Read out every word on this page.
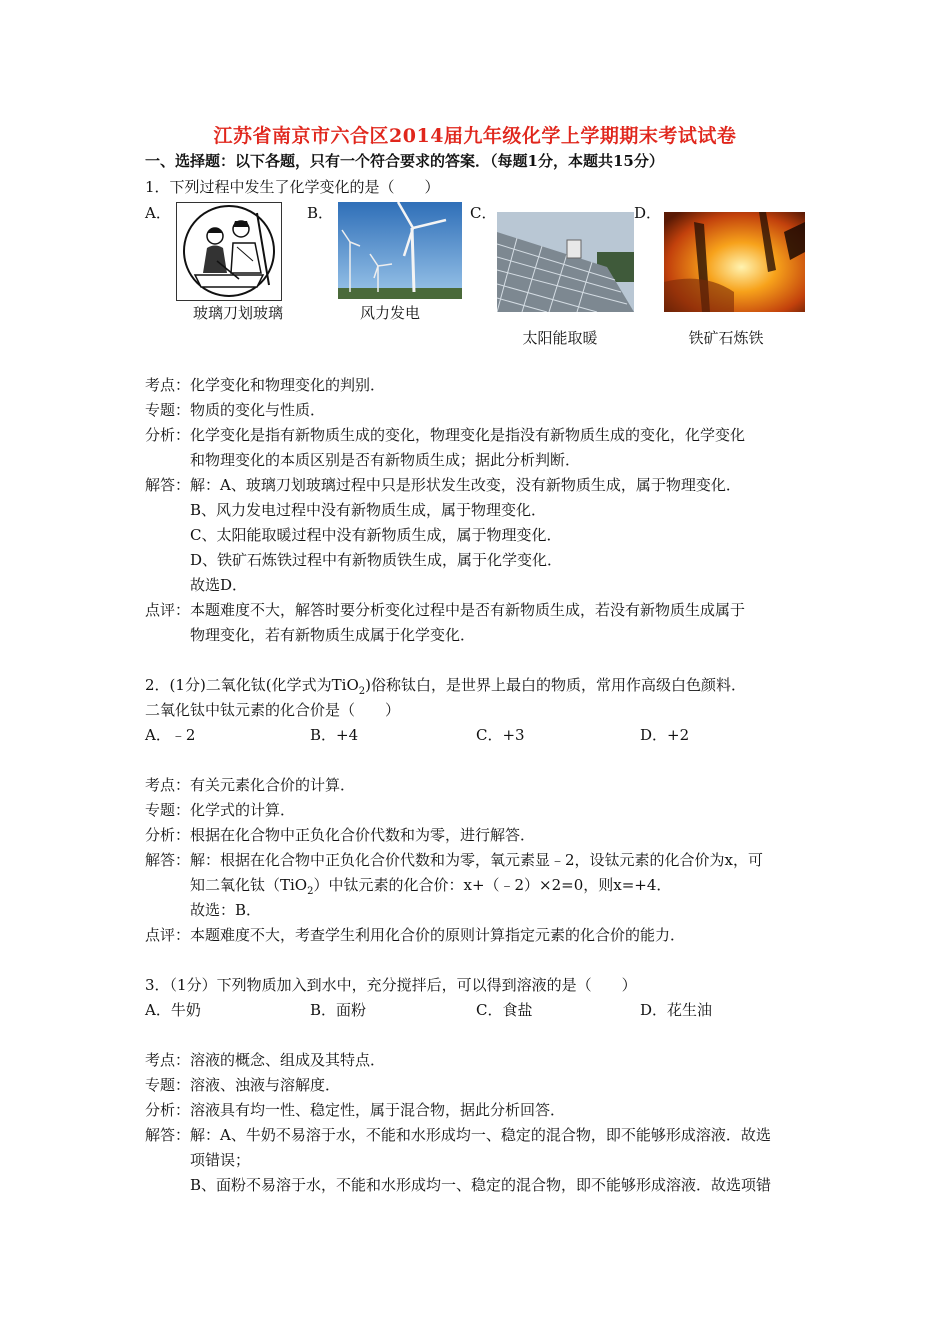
江苏省南京市六合区2014届九年级化学上学期期末考试试卷
一、选择题：以下各题，只有一个符合要求的答案．（每题1分，本题共15分）
1．下列过程中发生了化学变化的是（　　）
A．	B．	C．	D．
玻璃刀划玻璃	风力发电
太阳能取暖	铁矿石炼铁
考点：化学变化和物理变化的判别．
专题：物质的变化与性质．
分析：化学变化是指有新物质生成的变化，物理变化是指没有新物质生成的变化，化学变化
和物理变化的本质区别是否有新物质生成；据此分析判断．
解答：解：A、玻璃刀划玻璃过程中只是形状发生改变，没有新物质生成，属于物理变化．
B、风力发电过程中没有新物质生成，属于物理变化．
C、太阳能取暖过程中没有新物质生成，属于物理变化．
D、铁矿石炼铁过程中有新物质铁生成，属于化学变化．
故选D．
点评：本题难度不大，解答时要分析变化过程中是否有新物质生成，若没有新物质生成属于
物理变化，若有新物质生成属于化学变化．
2．(1分)二氧化钛(化学式为TiO$_2$)俗称钛白，是世界上最白的物质，常用作高级白色颜料．
二氧化钛中钛元素的化合价是（　　）
A．﹣2	B．+4	C．+3	D．+2
考点：有关元素化合价的计算．
专题：化学式的计算．
分析：根据在化合物中正负化合价代数和为零，进行解答．
解答：解：根据在化合物中正负化合价代数和为零，氧元素显﹣2，设钛元素的化合价为x，可
知二氧化钛（TiO$_2$）中钛元素的化合价：x+（﹣2）×2=0，则x=+4．
故选：B．
点评：本题难度不大，考查学生利用化合价的原则计算指定元素的化合价的能力．
3．（1分）下列物质加入到水中，充分搅拌后，可以得到溶液的是（　　）
A．牛奶	B．面粉	C．食盐	D．花生油
考点：溶液的概念、组成及其特点．
专题：溶液、浊液与溶解度．
分析：溶液具有均一性、稳定性，属于混合物，据此分析回答．
解答：解：A、牛奶不易溶于水，不能和水形成均一、稳定的混合物，即不能够形成溶液．故选
项错误；
B、面粉不易溶于水，不能和水形成均一、稳定的混合物，即不能够形成溶液．故选项错
